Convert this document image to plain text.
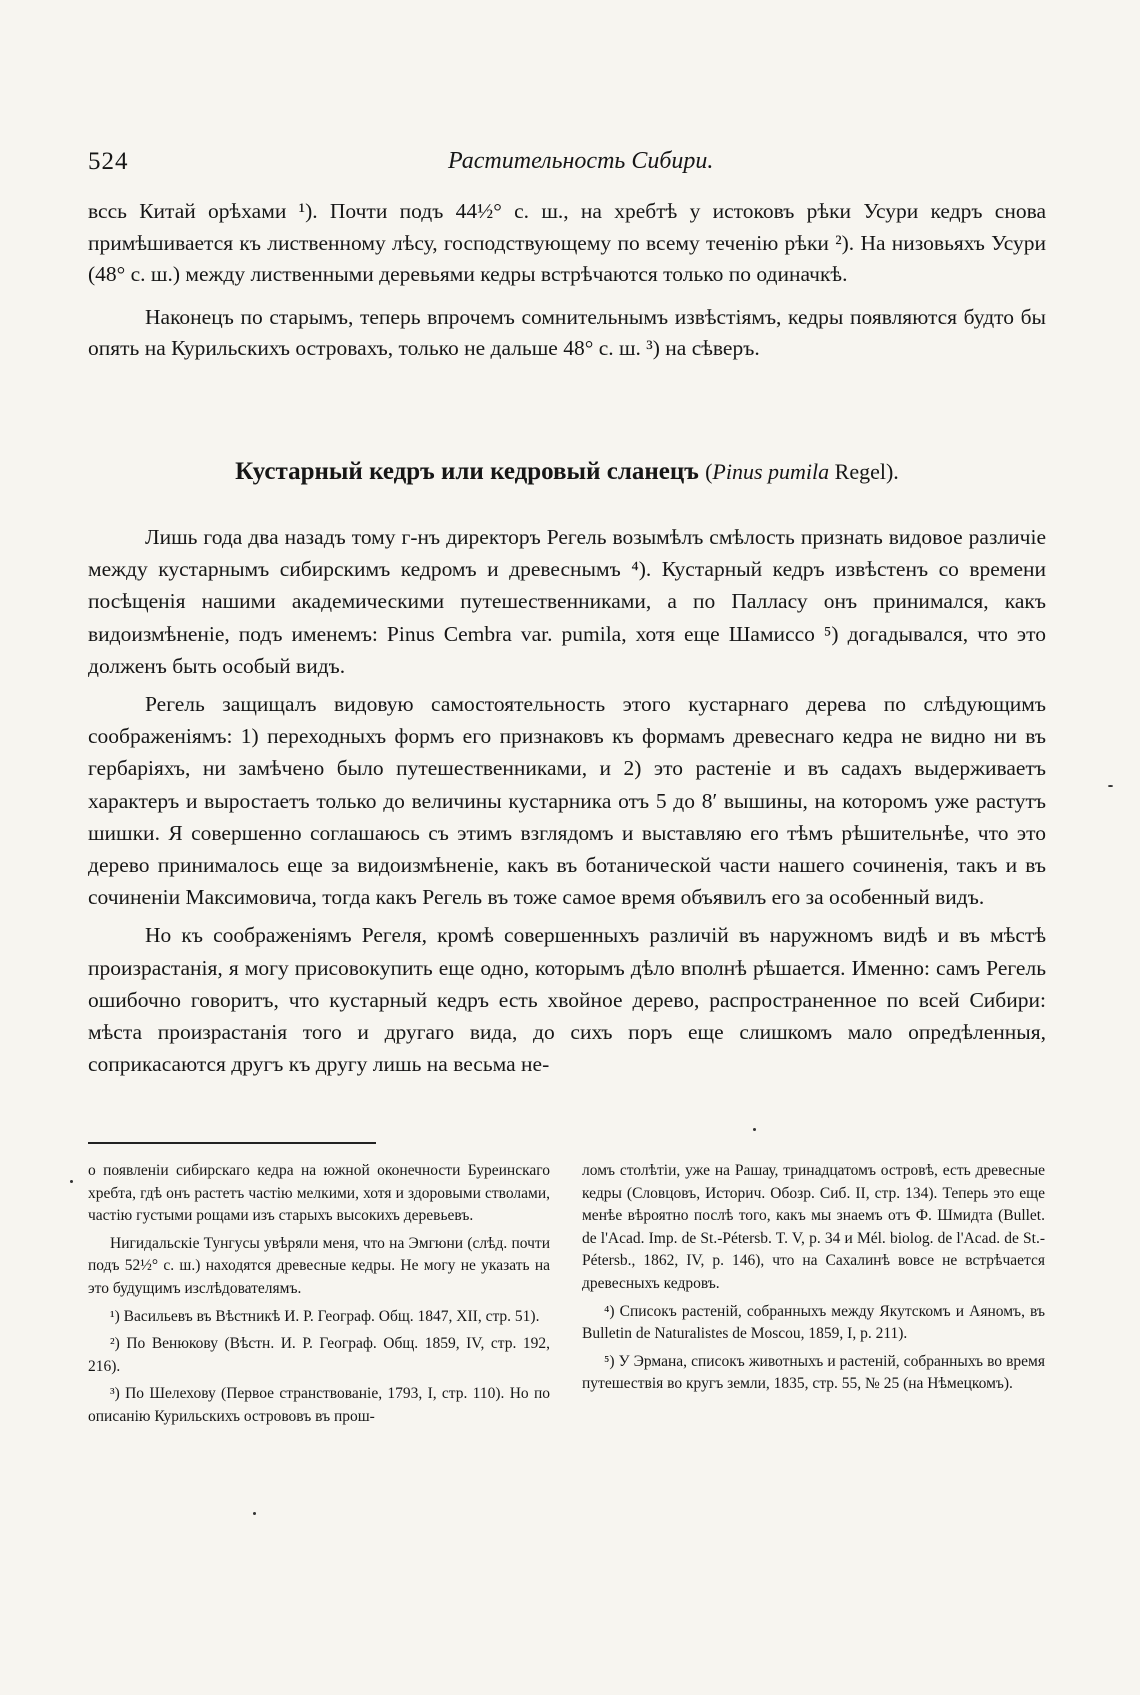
524	Растительность Сибири.

всcь Китай орѣхами ¹). Почти подъ 44½° с. ш., на хребтѣ у истоковъ рѣки Усури кедръ снова примѣшивается къ лиственному лѣсу, господствующему по всему теченію рѣки ²). На низовьяхъ Усури (48° с. ш.) между лиственными деревьями кедры встрѣчаются только по одиначкѣ.

Наконецъ по старымъ, теперь впрочемъ сомнительнымъ извѣстіямъ, кедры появляются будто бы опять на Курильскихъ островахъ, только не дальше 48° с. ш. ³) на сѣверъ.

Кустарный кедръ или кедровый сланецъ (Pinus pumila Regel).

Лишь года два назадъ тому г-нъ директоръ Регель возымѣлъ смѣлость признать видовое различіе между кустарнымъ сибирскимъ кедромъ и древеснымъ ⁴). Кустарный кедръ извѣстенъ со времени посѣщенія нашими академическими путешественниками, а по Палласу онъ принимался, какъ видоизмѣненіе, подъ именемъ: Pinus Cembra var. pumila, хотя еще Шамиссо ⁵) догадывался, что это долженъ быть особый видъ.

Регель защищалъ видовую самостоятельность этого кустарнаго дерева по слѣдующимъ соображеніямъ: 1) переходныхъ формъ его признаковъ къ формамъ древеснаго кедра не видно ни въ гербаріяхъ, ни замѣчено было путешественниками, и 2) это растеніе и въ садахъ выдерживаетъ характеръ и выростаетъ только до величины кустарника отъ 5 до 8′ вышины, на которомъ уже растутъ шишки. Я совершенно соглашаюсь съ этимъ взглядомъ и выставляю его тѣмъ рѣшительнѣе, что это дерево принималось еще за видоизмѣненіе, какъ въ ботанической части нашего сочиненія, такъ и въ сочиненіи Максимовича, тогда какъ Регель въ тоже самое время объявилъ его за особенный видъ.

Но къ соображеніямъ Регеля, кромѣ совершенныхъ различій въ наружномъ видѣ и въ мѣстѣ произрастанія, я могу присовокупить еще одно, которымъ дѣло вполнѣ рѣшается. Именно: самъ Регель ошибочно говоритъ, что кустарный кедръ есть хвойное дерево, распространенное по всей Сибири: мѣста произрастанія того и другаго вида, до сихъ поръ еще слишкомъ мало опредѣленныя, соприкасаются другъ къ другу лишь на весьма не-

о появленіи сибирскаго кедра на южной оконечности Буреинскаго хребта, гдѣ онъ растетъ частію мелкими, хотя и здоровыми стволами, частію густыми рощами изъ старыхъ высокихъ деревьевъ.

Нигидальскіе Тунгусы увѣряли меня, что на Эмгюни (слѣд. почти подъ 52½° с. ш.) находятся древесные кедры. Не могу не указать на это будущимъ изслѣдователямъ.

¹) Васильевъ въ Вѣстникѣ И. Р. Географ. Общ. 1847, XII, стр. 51).

²) По Венюкову (Вѣстн. И. Р. Географ. Общ. 1859, IV, стр. 192, 216).

³) По Шелехову (Первое странствованіе, 1793, I, стр. 110). Но по описанію Курильскихъ острововъ въ прош-

ломъ столѣтіи, уже на Рашау, тринадцатомъ островѣ, есть древесные кедры (Словцовъ, Историч. Обозр. Сиб. II, стр. 134). Теперь это еще менѣе вѣроятно послѣ того, какъ мы знаемъ отъ Ф. Шмидта (Bullet. de l'Acad. Imp. de St.-Pétersb. T. V, p. 34 и Mél. biolog. de l'Acad. de St.-Pétersb., 1862, IV, p. 146), что на Сахалинѣ вовсе не встрѣчается древесныхъ кедровъ.

⁴) Списокъ растеній, собранныхъ между Якутскомъ и Аяномъ, въ Bulletin de Naturalistes de Moscou, 1859, I, p. 211).

⁵) У Эрмана, списокъ животныхъ и растеній, собранныхъ во время путешествія во кругъ земли, 1835, стр. 55, № 25 (на Нѣмецкомъ).
